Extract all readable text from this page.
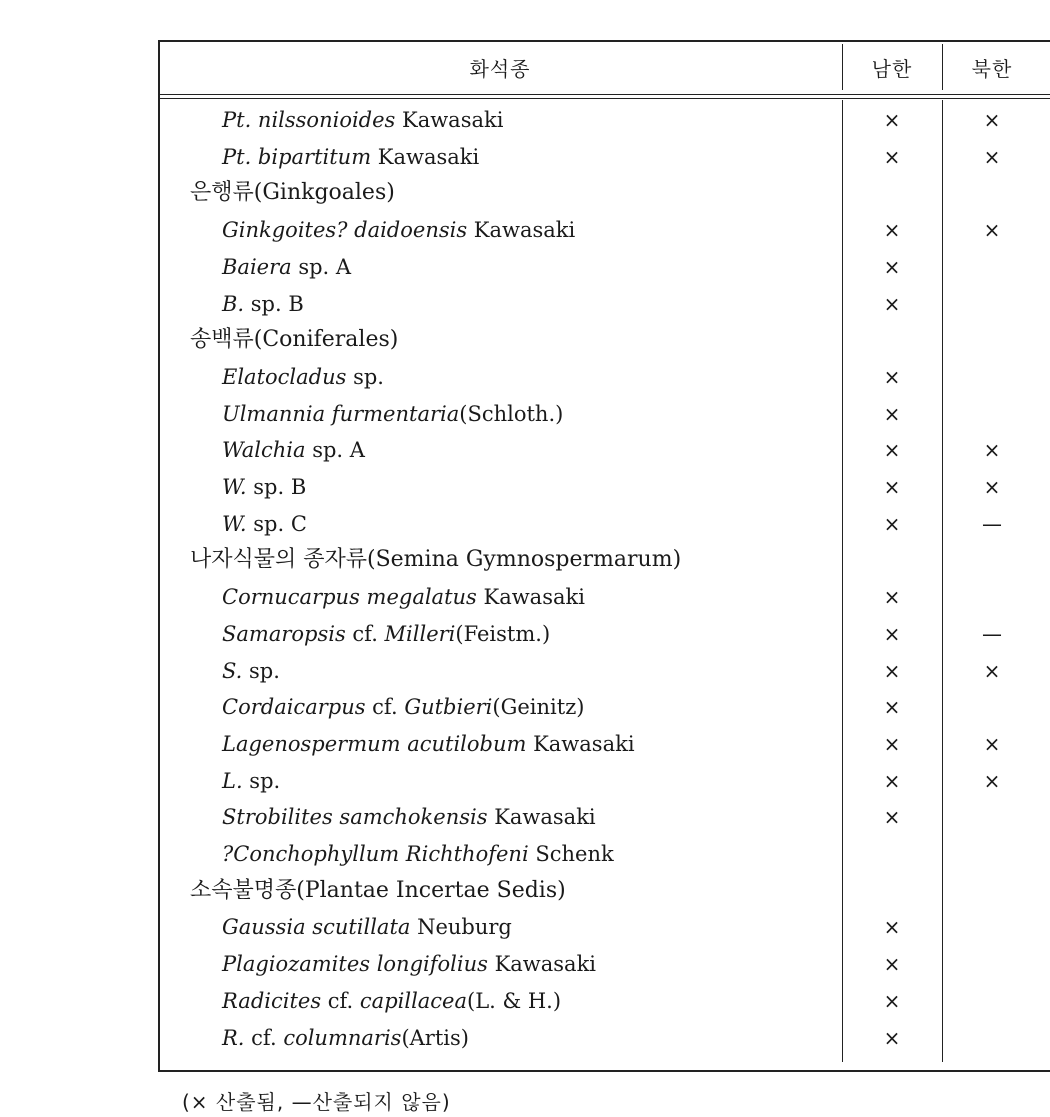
화석종	남한	북한
Pt. nilssonioides Kawasaki	×	×
Pt. bipartitum Kawasaki	×	×
은행류(Ginkgoales)
Ginkgoites? daidoensis Kawasaki	×	×
Baiera sp. A	×
B. sp. B	×
송백류(Coniferales)
Elatocladus sp.	×
Ulmannia furmentaria(Schloth.)	×
Walchia sp. A	×	×
W. sp. B	×	×
W. sp. C	×	—
나자식물의 종자류(Semina Gymnospermarum)
Cornucarpus megalatus Kawasaki	×
Samaropsis cf. Milleri(Feistm.)	×	—
S. sp.	×	×
Cordaicarpus cf. Gutbieri(Geinitz)	×
Lagenospermum acutilobum Kawasaki	×	×
L. sp.	×	×
Strobilites samchokensis Kawasaki	×
?Conchophyllum Richthofeni Schenk
소속불명종(Plantae Incertae Sedis)
Gaussia scutillata Neuburg	×
Plagiozamites longifolius Kawasaki	×
Radicites cf. capillacea(L. & H.)	×
R. cf. columnaris(Artis)	×
(× 산출됨, —산출되지 않음)
